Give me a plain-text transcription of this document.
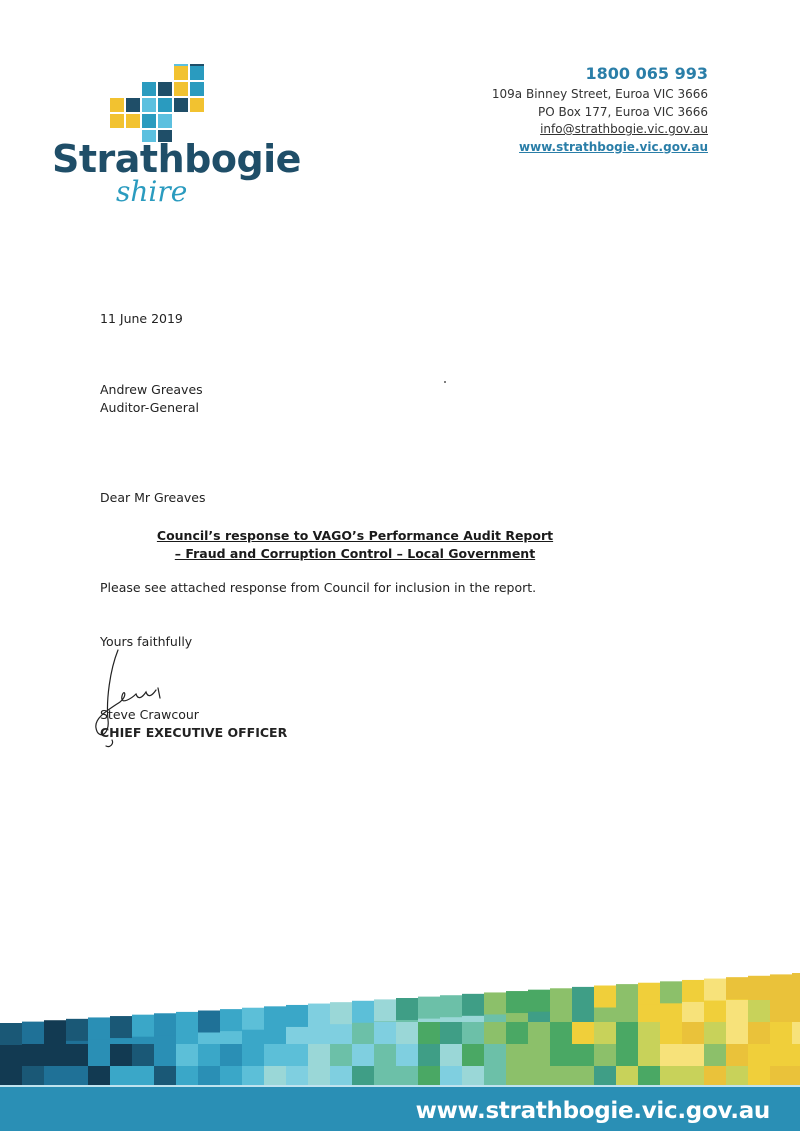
Strathbogie
shire
1800 065 993
109a Binney Street, Euroa VIC 3666
PO Box 177, Euroa VIC 3666
info@strathbogie.vic.gov.au
www.strathbogie.vic.gov.au
11 June 2019
Andrew Greaves
Auditor-General
Dear Mr Greaves
Council’s response to VAGO’s Performance Audit Report
– Fraud and Corruption Control – Local Government
Please see attached response from Council for inclusion in the report.
Yours faithfully
Steve Crawcour
CHIEF EXECUTIVE OFFICER
www.strathbogie.vic.gov.au
